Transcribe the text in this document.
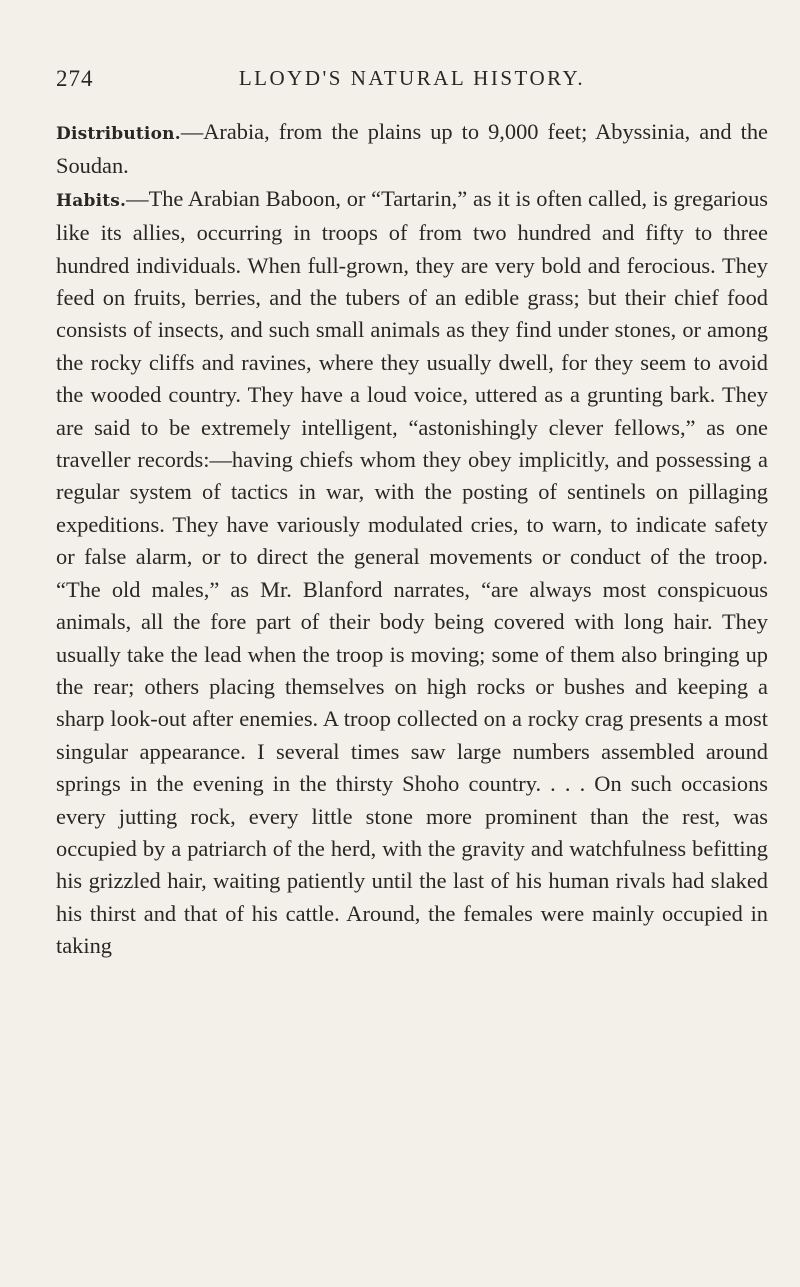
274	LLOYD'S NATURAL HISTORY.

Distribution.—Arabia, from the plains up to 9,000 feet; Abyssinia, and the Soudan.

Habits.—The Arabian Baboon, or “Tartarin,” as it is often called, is gregarious like its allies, occurring in troops of from two hundred and fifty to three hundred individuals. When full-grown, they are very bold and ferocious. They feed on fruits, berries, and the tubers of an edible grass; but their chief food consists of insects, and such small animals as they find under stones, or among the rocky cliffs and ravines, where they usually dwell, for they seem to avoid the wooded country. They have a loud voice, uttered as a grunting bark. They are said to be extremely intelligent, “astonishingly clever fellows,” as one traveller records:—having chiefs whom they obey implicitly, and possessing a regular system of tactics in war, with the posting of sentinels on pillaging expeditions. They have variously modulated cries, to warn, to indicate safety or false alarm, or to direct the general movements or conduct of the troop. “The old males,” as Mr. Blanford narrates, “are always most conspicuous animals, all the fore part of their body being covered with long hair. They usually take the lead when the troop is moving; some of them also bringing up the rear; others placing themselves on high rocks or bushes and keeping a sharp look-out after enemies. A troop collected on a rocky crag presents a most singular appearance. I several times saw large numbers assembled around springs in the evening in the thirsty Shoho country. . . . On such occasions every jutting rock, every little stone more prominent than the rest, was occupied by a patriarch of the herd, with the gravity and watchfulness befitting his grizzled hair, waiting patiently until the last of his human rivals had slaked his thirst and that of his cattle. Around, the females were mainly occupied in taking
